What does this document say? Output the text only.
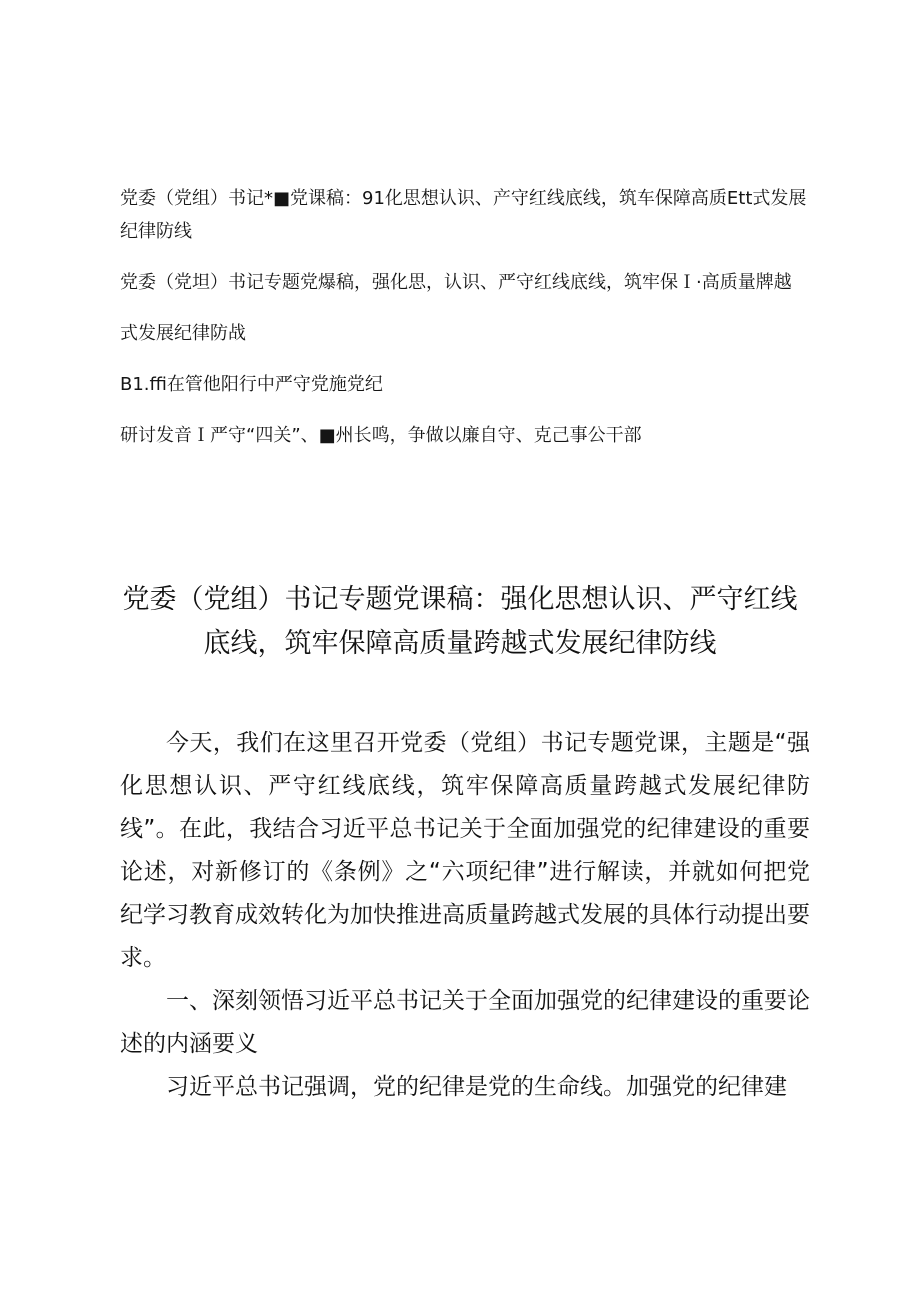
党委（党组）书记*■党课稿：91化思想认识、产守红线底线，筑车保障高质Ett式发展纪律防线

党委（党坦）书记专题党爆稿，强化思，认识、严守红线底线，筑牢保Ｉ·高质量牌越

式发展纪律防战

B1.ffi在管他阳行中严守党施党纪

研讨发音Ｉ严守“四关”、■州长鸣，争做以廉自守、克己事公干部

党委（党组）书记专题党课稿：强化思想认识、严守红线底线，筑牢保障高质量跨越式发展纪律防线

今天，我们在这里召开党委（党组）书记专题党课，主题是“强化思想认识、严守红线底线，筑牢保障高质量跨越式发展纪律防线”。在此，我结合习近平总书记关于全面加强党的纪律建设的重要论述，对新修订的《条例》之“六项纪律”进行解读，并就如何把党纪学习教育成效转化为加快推进高质量跨越式发展的具体行动提出要求。

一、深刻领悟习近平总书记关于全面加强党的纪律建设的重要论述的内涵要义

习近平总书记强调，党的纪律是党的生命线。加强党的纪律建
